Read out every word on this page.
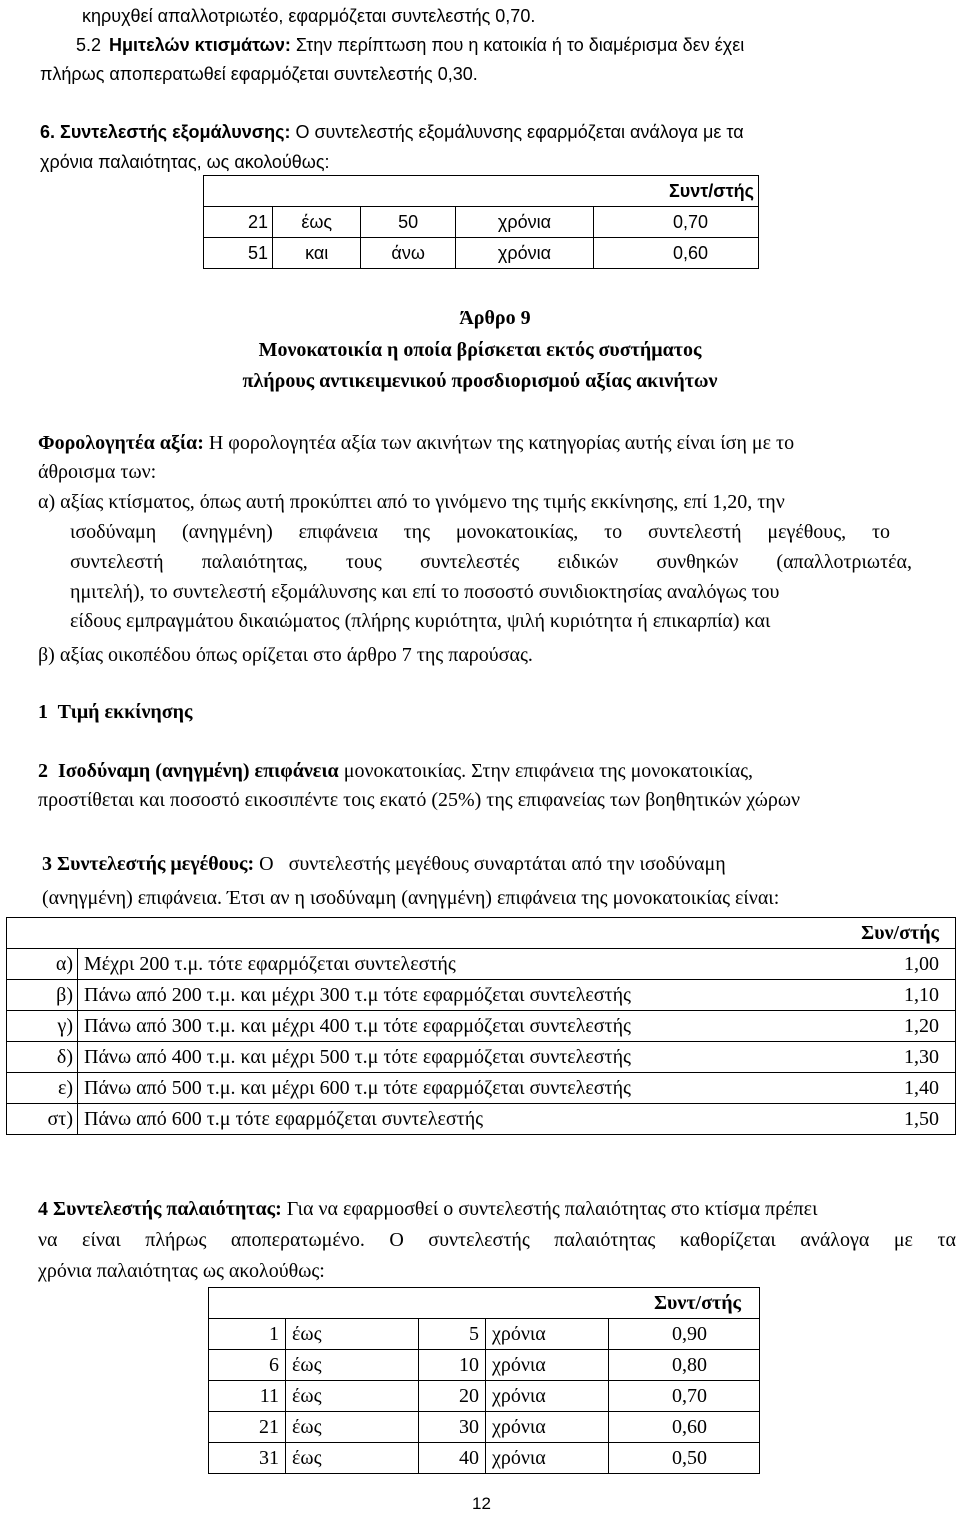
κηρυχθεί απαλλοτριωτέο, εφαρμόζεται συντελεστής 0,70.
5.2 Ημιτελών κτισμάτων: Στην περίπτωση που η κατοικία ή το διαμέρισμα δεν έχει
πλήρως αποπερατωθεί εφαρμόζεται συντελεστής 0,30.
6. Συντελεστής εξομάλυνσης: Ο συντελεστής εξομάλυνσης εφαρμόζεται ανάλογα με τα
χρόνια παλαιότητας, ως ακολούθως:
				Συντ/στής
21	έως	50	χρόνια	0,70
51	και	άνω	χρόνια	0,60
Άρθρο 9
Μονοκατοικία η οποία βρίσκεται εκτός συστήματος
πλήρους αντικειμενικού προσδιορισμού αξίας ακινήτων
Φορολογητέα αξία: Η φορολογητέα αξία των ακινήτων της κατηγορίας αυτής είναι ίση με το
άθροισμα των:
α) αξίας κτίσματος, όπως αυτή προκύπτει από το γινόμενο της τιμής εκκίνησης, επί 1,20, την
ισοδύναμη (ανηγμένη) επιφάνεια της μονοκατοικίας, το συντελεστή μεγέθους, το
συντελεστή παλαιότητας, τους συντελεστές ειδικών συνθηκών (απαλλοτριωτέα,
ημιτελή), το συντελεστή εξομάλυνσης και επί το ποσοστό συνιδιοκτησίας αναλόγως του
είδους εμπραγμάτου δικαιώματος (πλήρης κυριότητα, ψιλή κυριότητα ή επικαρπία) και
β) αξίας οικοπέδου όπως ορίζεται στο άρθρο 7 της παρούσας.
1  Τιμή εκκίνησης
2  Ισοδύναμη (ανηγμένη) επιφάνεια μονοκατοικίας. Στην επιφάνεια της μονοκατοικίας,
προστίθεται και ποσοστό εικοσιπέντε τοις εκατό (25%) της επιφανείας των βοηθητικών χώρων
3 Συντελεστής μεγέθους: Ο   συντελεστής μεγέθους συναρτάται από την ισοδύναμη
(ανηγμένη) επιφάνεια. Έτσι αν η ισοδύναμη (ανηγμένη) επιφάνεια της μονοκατοικίας είναι:
		Συν/στής
α)	Μέχρι 200 τ.μ. τότε εφαρμόζεται συντελεστής	1,00
β)	Πάνω από 200 τ.μ. και μέχρι 300 τ.μ τότε εφαρμόζεται συντελεστής	1,10
γ)	Πάνω από 300 τ.μ. και μέχρι 400 τ.μ τότε εφαρμόζεται συντελεστής	1,20
δ)	Πάνω από 400 τ.μ. και μέχρι 500 τ.μ τότε εφαρμόζεται συντελεστής	1,30
ε)	Πάνω από 500 τ.μ. και μέχρι 600 τ.μ τότε εφαρμόζεται συντελεστής	1,40
στ)	Πάνω από 600 τ.μ τότε εφαρμόζεται συντελεστής	1,50
4 Συντελεστής παλαιότητας: Για να εφαρμοσθεί ο συντελεστής παλαιότητας στο κτίσμα πρέπει
να είναι πλήρως αποπερατωμένο. Ο συντελεστής παλαιότητας καθορίζεται ανάλογα με τα
χρόνια παλαιότητας ως ακολούθως:
				Συντ/στής
1	έως	5	χρόνια	0,90
6	έως	10	χρόνια	0,80
11	έως	20	χρόνια	0,70
21	έως	30	χρόνια	0,60
31	έως	40	χρόνια	0,50
12
